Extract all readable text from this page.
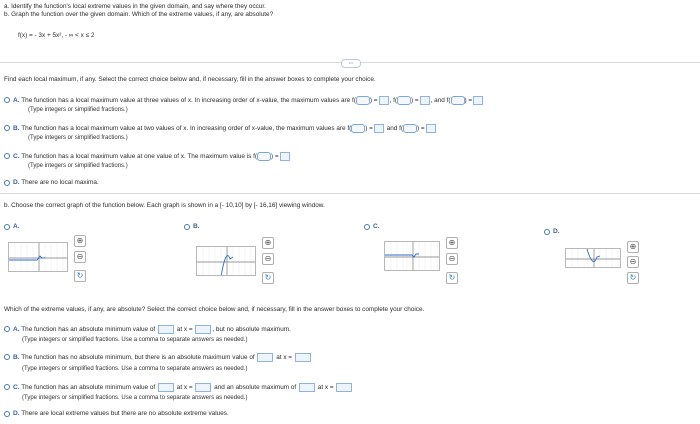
a. Identify the function's local extreme values in the given domain, and say where they occur.
b. Graph the function over the given domain. Which of the extreme values, if any, are absolute?
f(x) = - 3x + 5x², - ∞ < x ≤ 2
•••
Find each local maximum, if any. Select the correct choice below and, if necessary, fill in the answer boxes to complete your choice.
A. The function has a local maximum value at three values of x. In increasing order of x-value, the maximum values are f( ) = , f( ) = , and f( ) =
(Type integers or simplified fractions.)
B. The function has a local maximum value at two values of x. In increasing order of x-value, the maximum values are f( ) = and f( ) =
(Type integers or simplified fractions.)
C. The function has a local maximum value at one value of x. The maximum value is f( ) =
(Type integers or simplified fractions.)
D. There are no local maxima.
b. Choose the correct graph of the function below. Each graph is shown in a [- 10,10] by [- 16,16] viewing window.
A.	B.	C.
D.
⊕
⊖
↻
⊕
⊖
↻
⊕
⊖
↻
⊕
⊖
↻
Which of the extreme values, if any, are absolute? Select the correct choice below and, if necessary, fill in the answer boxes to complete your choice.
A. The function has an absolute minimum value of	at x =	, but no absolute maximum.
(Type integers or simplified fractions. Use a comma to separate answers as needed.)
B. The function has no absolute minimum, but there is an absolute maximum value of	at x =
(Type integers or simplified fractions. Use a comma to separate answers as needed.)
C. The function has an absolute minimum value of	at x =	and an absolute maximum of	at x =
(Type integers or simplified fractions. Use a comma to separate answers as needed.)
D. There are local extreme values but there are no absolute extreme values.
